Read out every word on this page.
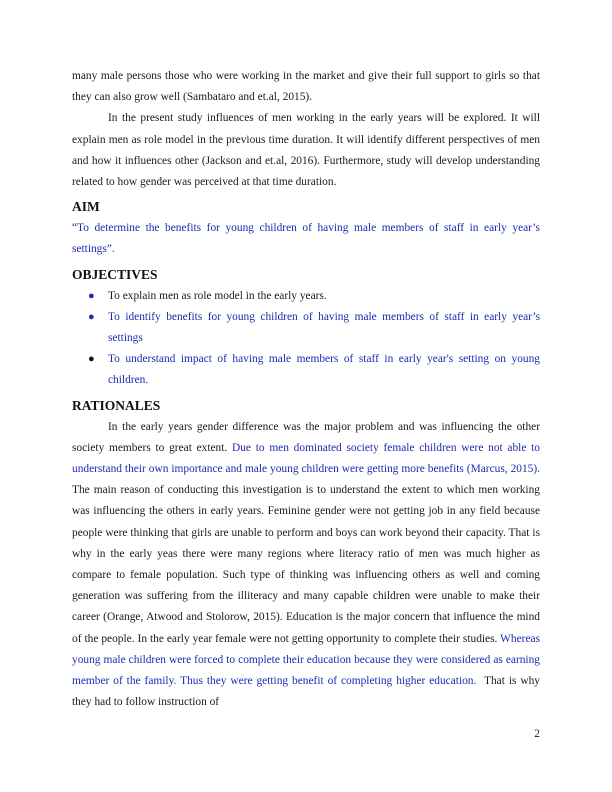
many male persons those who were working in the market and give their full support to girls so that they can also grow well (Sambataro and et.al, 2015).

In the present study influences of men working in the early years will be explored. It will explain men as role model in the previous time duration. It will identify different perspectives of men and how it influences other (Jackson and et.al, 2016). Furthermore, study will develop understanding related to how gender was perceived at that time duration.

AIM

“To determine the benefits for young children of having male members of staff in early year’s settings”.

OBJECTIVES
● To explain men as role model in the early years.
● To identify benefits for young children of having male members of staff in early year’s settings
● To understand impact of having male members of staff in early year's setting on young children.
RATIONALES

In the early years gender difference was the major problem and was influencing the other society members to great extent. Due to men dominated society female children were not able to understand their own importance and male young children were getting more benefits (Marcus, 2015). The main reason of conducting this investigation is to understand the extent to which men working was influencing the others in early years. Feminine gender were not getting job in any field because people were thinking that girls are unable to perform and boys can work beyond their capacity. That is why in the early yeas there were many regions where literacy ratio of men was much higher as compare to female population. Such type of thinking was influencing others as well and coming generation was suffering from the illiteracy and many capable children were unable to make their career (Orange, Atwood and Stolorow, 2015). Education is the major concern that influence the mind of the people. In the early year female were not getting opportunity to complete their studies. Whereas young male children were forced to complete their education because they were considered as earning member of the family. Thus they were getting benefit of completing higher education.  That is why they had to follow instruction of

2
